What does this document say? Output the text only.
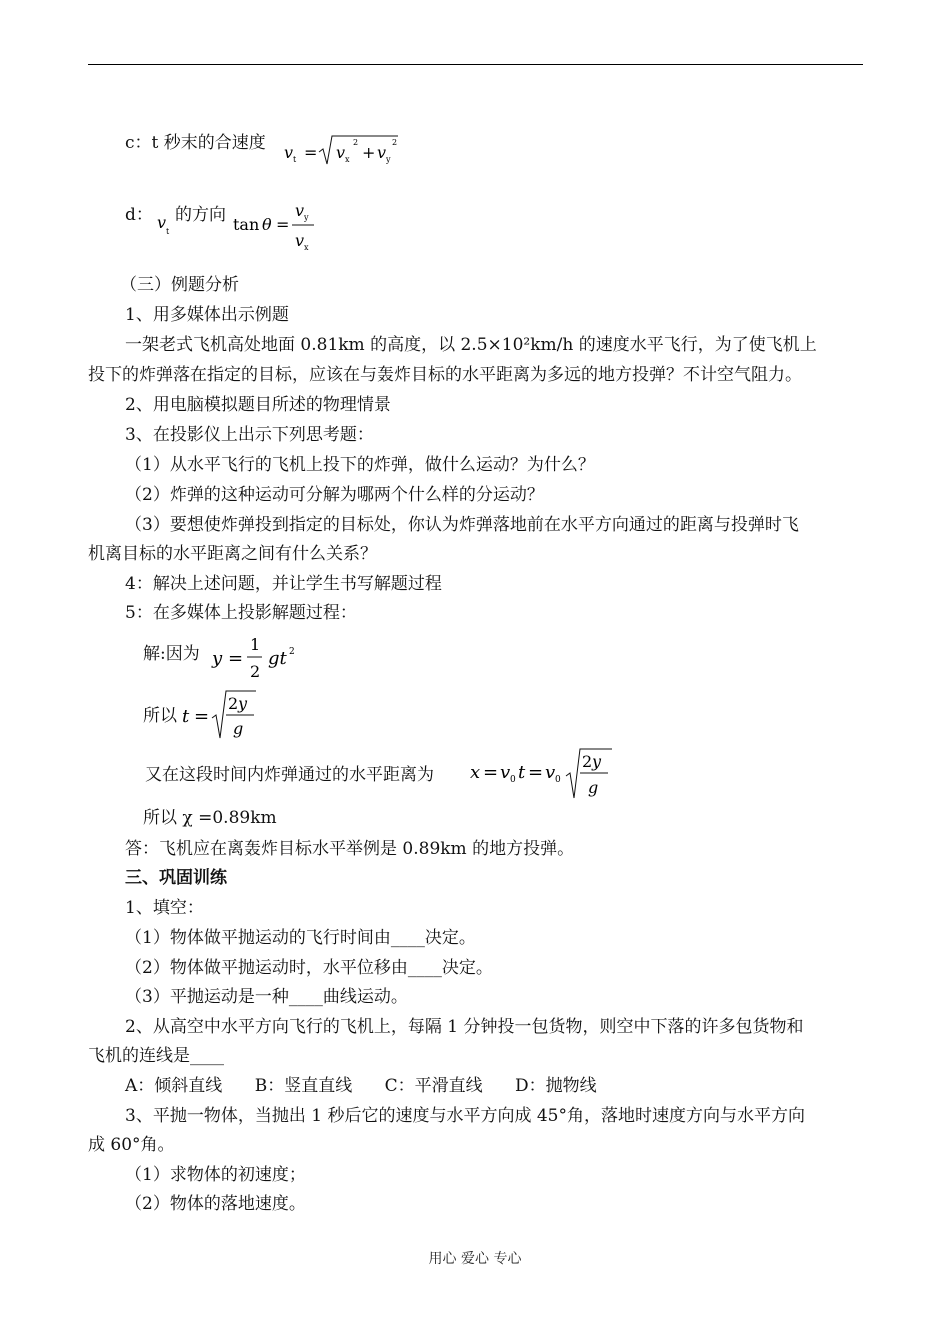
c：t 秒末的合速度 v t = v x
2
+ v y
2
d： v t
的方向 tan θ =
v y
v x
（三）例题分析
1、用多媒体出示例题
一架老式飞机高处地面 0.81km 的高度，以 2.5×10²km/h 的速度水平飞行，为了使飞机上
投下的炸弹落在指定的目标，应该在与轰炸目标的水平距离为多远的地方投弹？不计空气阻力。
2、用电脑模拟题目所述的物理情景
3、在投影仪上出示下列思考题：
（1）从水平飞行的飞机上投下的炸弹，做什么运动？为什么？
（2）炸弹的这种运动可分解为哪两个什么样的分运动？
（3）要想使炸弹投到指定的目标处，你认为炸弹落地前在水平方向通过的距离与投弹时飞
机离目标的水平距离之间有什么关系？
4：解决上述问题，并让学生书写解题过程
5：在多媒体上投影解题过程：
解:因为 y =
1
2
gt 2
所以 t =
2 y
g
又在这段时间内炸弹通过的水平距离为 x = v 0 t = v 0
2 y
g
所以 χ =0.89km
答：飞机应在离轰炸目标水平举例是 0.89km 的地方投弹。
三、巩固训练
1、填空：
（1）物体做平抛运动的飞行时间由____决定。
（2）物体做平抛运动时，水平位移由____决定。
（3）平抛运动是一种____曲线运动。
2、从高空中水平方向飞行的飞机上，每隔 1 分钟投一包货物，则空中下落的许多包货物和
飞机的连线是____
A：倾斜直线      B：竖直直线      C：平滑直线      D：抛物线
3、平抛一物体，当抛出 1 秒后它的速度与水平方向成 45°角，落地时速度方向与水平方向
成 60°角。
（1）求物体的初速度；
（2）物体的落地速度。
用心 爱心 专心
